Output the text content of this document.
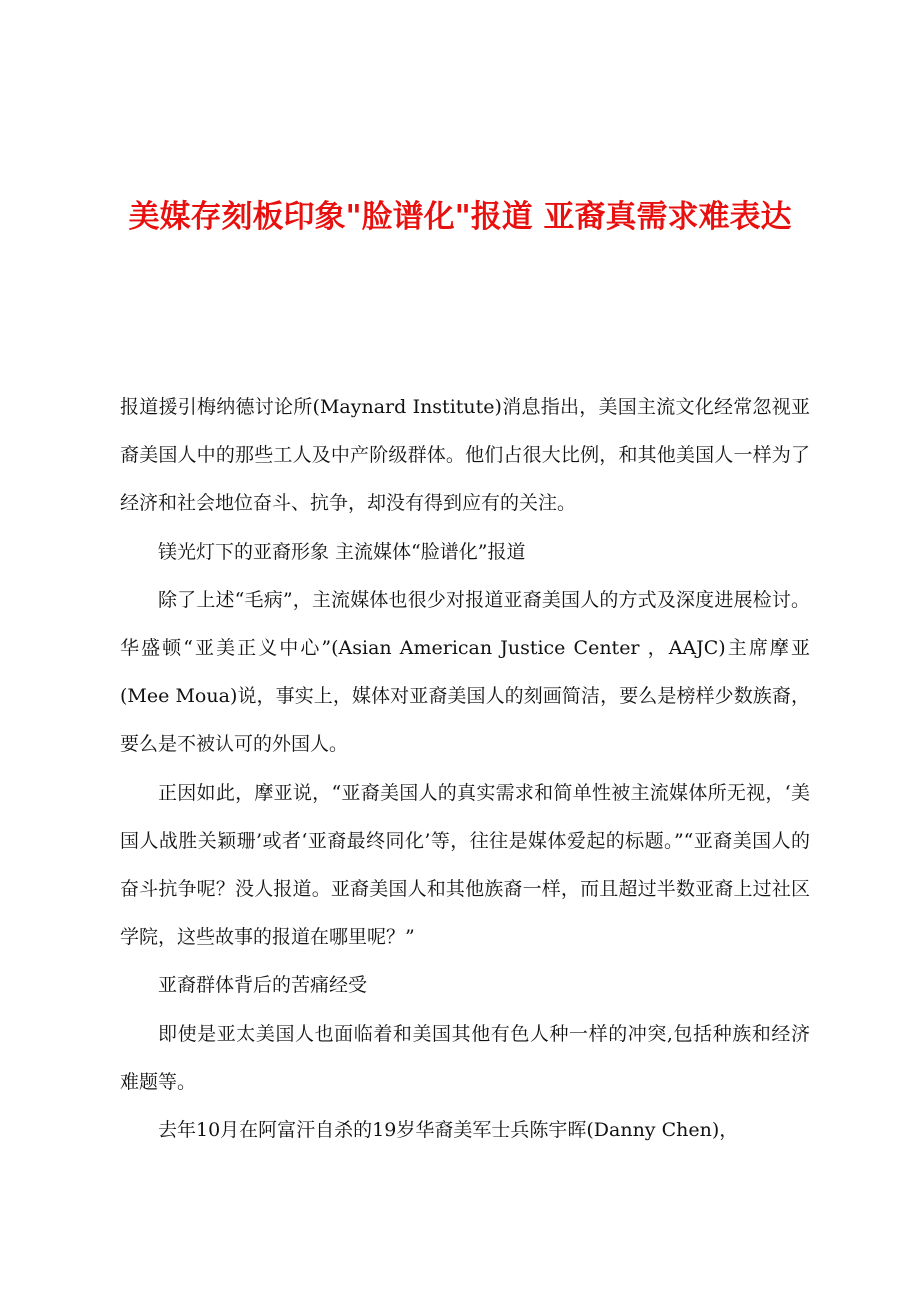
美媒存刻板印象"脸谱化"报道 亚裔真需求难表达

报道援引梅纳德讨论所(Maynard Institute)消息指出，美国主流文化经常忽视亚裔美国人中的那些工人及中产阶级群体。他们占很大比例，和其他美国人一样为了经济和社会地位奋斗、抗争，却没有得到应有的关注。

镁光灯下的亚裔形象 主流媒体“脸谱化”报道

除了上述“毛病”，主流媒体也很少对报道亚裔美国人的方式及深度进展检讨。华盛顿“亚美正义中心”(Asian American Justice Center ，AAJC)主席摩亚(Mee Moua)说，事实上，媒体对亚裔美国人的刻画简洁，要么是榜样少数族裔，要么是不被认可的外国人。

正因如此，摩亚说，“亚裔美国人的真实需求和简单性被主流媒体所无视，‘美国人战胜关颖珊’或者‘亚裔最终同化’等，往往是媒体爱起的标题。”“亚裔美国人的奋斗抗争呢？没人报道。亚裔美国人和其他族裔一样，而且超过半数亚裔上过社区学院，这些故事的报道在哪里呢？”

亚裔群体背后的苦痛经受

即使是亚太美国人也面临着和美国其他有色人种一样的冲突,包括种族和经济难题等。

去年10月在阿富汗自杀的19岁华裔美军士兵陈宇晖(Danny Chen)，
